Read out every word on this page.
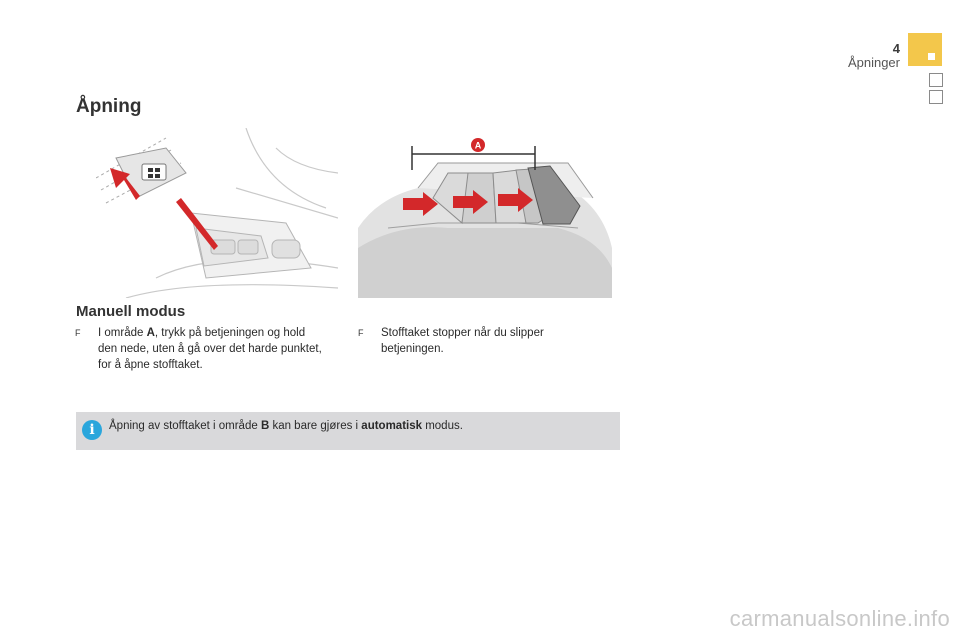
4
Åpninger
Åpning
A
Manuell modus
F I område A, trykk på betjeningen og hold den nede, uten å gå over det harde punktet, for å åpne stofftaket.
F Stofftaket stopper når du slipper betjeningen.
i	Åpning av stofftaket i område B kan bare gjøres i automatisk modus.
carmanualsonline.info
